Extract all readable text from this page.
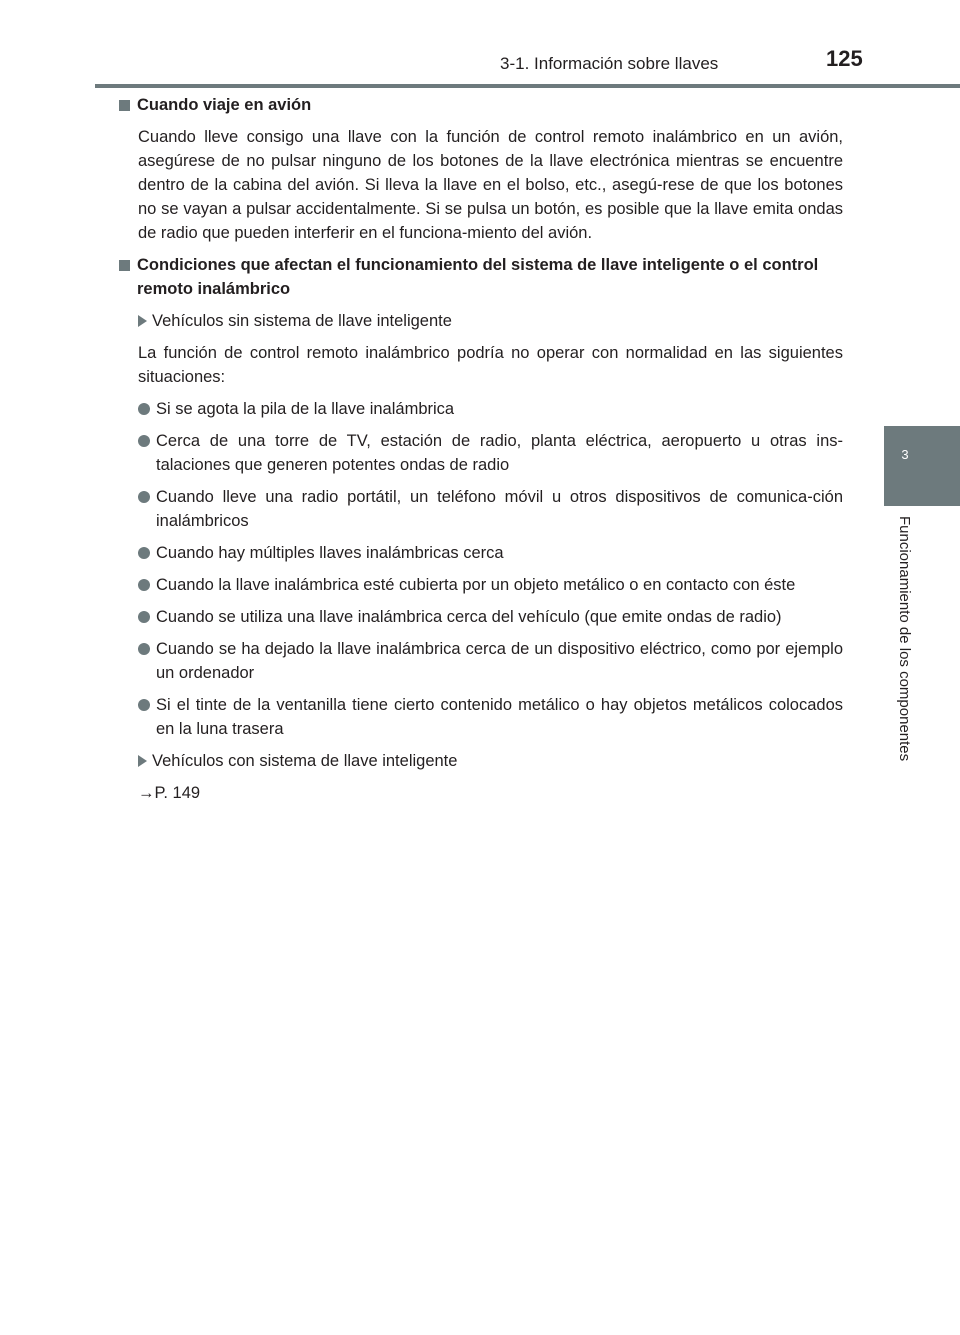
3-1. Información sobre llaves	125
3
Funcionamiento de los componentes
Cuando viaje en avión

Cuando lleve consigo una llave con la función de control remoto inalámbrico en un avión, asegúrese de no pulsar ninguno de los botones de la llave electrónica mientras se encuentre dentro de la cabina del avión. Si lleva la llave en el bolso, etc., asegú-rese de que los botones no se vayan a pulsar accidentalmente. Si se pulsa un botón, es posible que la llave emita ondas de radio que pueden interferir en el funciona-miento del avión.

Condiciones que afectan el funcionamiento del sistema de llave inteligente o el control remoto inalámbrico
Vehículos sin sistema de llave inteligente

La función de control remoto inalámbrico podría no operar con normalidad en las siguientes situaciones:

Si se agota la pila de la llave inalámbrica
Cerca de una torre de TV, estación de radio, planta eléctrica, aeropuerto u otras ins-talaciones que generen potentes ondas de radio
Cuando lleve una radio portátil, un teléfono móvil u otros dispositivos de comunica-ción inalámbricos
Cuando hay múltiples llaves inalámbricas cerca
Cuando la llave inalámbrica esté cubierta por un objeto metálico o en contacto con éste
Cuando se utiliza una llave inalámbrica cerca del vehículo (que emite ondas de radio)
Cuando se ha dejado la llave inalámbrica cerca de un dispositivo eléctrico, como por ejemplo un ordenador
Si el tinte de la ventanilla tiene cierto contenido metálico o hay objetos metálicos colocados en la luna trasera
Vehículos con sistema de llave inteligente
→P. 149
